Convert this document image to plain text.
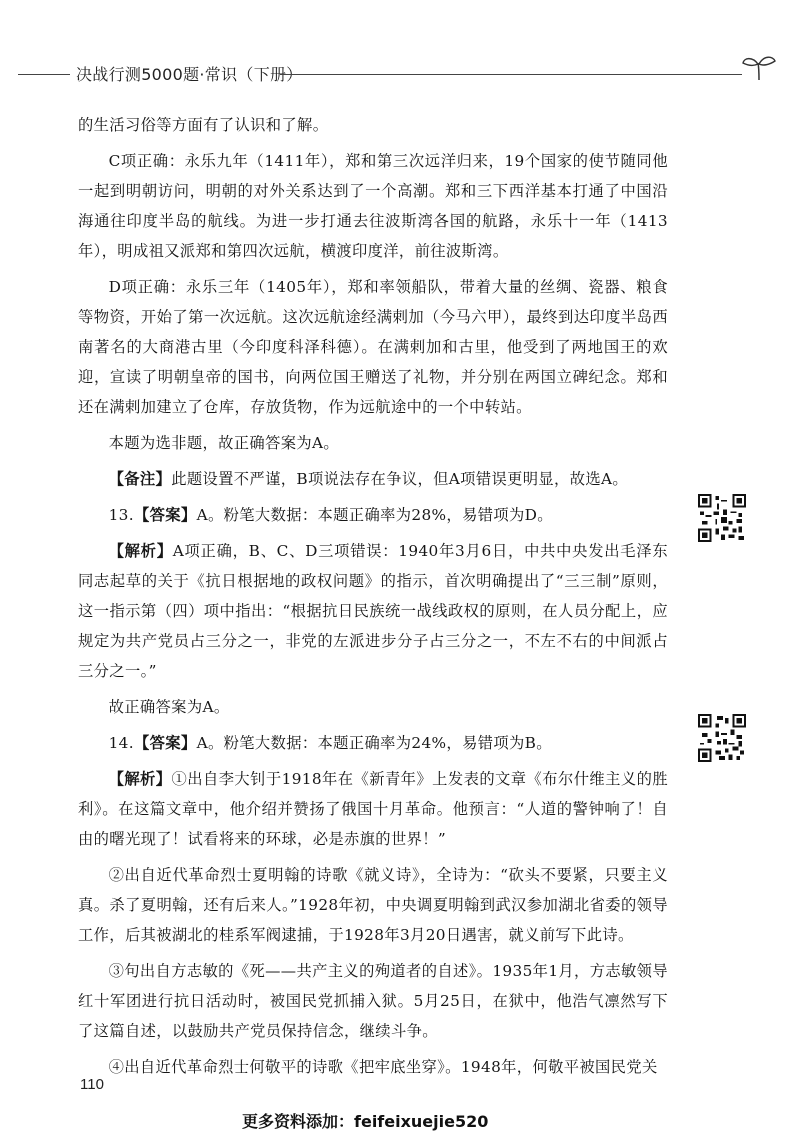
决战行测5000题·常识（下册）

的生活习俗等方面有了认识和了解。

C项正确：永乐九年（1411年），郑和第三次远洋归来，19个国家的使节随同他一起到明朝访问，明朝的对外关系达到了一个高潮。郑和三下西洋基本打通了中国沿海通往印度半岛的航线。为进一步打通去往波斯湾各国的航路，永乐十一年（1413年），明成祖又派郑和第四次远航，横渡印度洋，前往波斯湾。

D项正确：永乐三年（1405年），郑和率领船队，带着大量的丝绸、瓷器、粮食等物资，开始了第一次远航。这次远航途经满剌加（今马六甲），最终到达印度半岛西南著名的大商港古里（今印度科泽科德）。在满剌加和古里，他受到了两地国王的欢迎，宣读了明朝皇帝的国书，向两位国王赠送了礼物，并分别在两国立碑纪念。郑和还在满剌加建立了仓库，存放货物，作为远航途中的一个中转站。

本题为选非题，故正确答案为A。

【备注】此题设置不严谨，B项说法存在争议，但A项错误更明显，故选A。

13.【答案】A。粉笔大数据：本题正确率为28%，易错项为D。

【解析】A项正确，B、C、D三项错误：1940年3月6日，中共中央发出毛泽东同志起草的关于《抗日根据地的政权问题》的指示，首次明确提出了“三三制”原则，这一指示第（四）项中指出：“根据抗日民族统一战线政权的原则，在人员分配上，应规定为共产党员占三分之一，非党的左派进步分子占三分之一，不左不右的中间派占三分之一。”

故正确答案为A。

14.【答案】A。粉笔大数据：本题正确率为24%，易错项为B。

【解析】①出自李大钊于1918年在《新青年》上发表的文章《布尔什维主义的胜利》。在这篇文章中，他介绍并赞扬了俄国十月革命。他预言：“人道的警钟响了！自由的曙光现了！试看将来的环球，必是赤旗的世界！”

②出自近代革命烈士夏明翰的诗歌《就义诗》，全诗为：“砍头不要紧，只要主义真。杀了夏明翰，还有后来人。”1928年初，中央调夏明翰到武汉参加湖北省委的领导工作，后其被湖北的桂系军阀逮捕，于1928年3月20日遇害，就义前写下此诗。

③句出自方志敏的《死——共产主义的殉道者的自述》。1935年1月，方志敏领导红十军团进行抗日活动时，被国民党抓捕入狱。5月25日，在狱中，他浩气凛然写下了这篇自述，以鼓励共产党员保持信念，继续斗争。

④出自近代革命烈士何敬平的诗歌《把牢底坐穿》。1948年，何敬平被国民党关

110
更多资料添加：feifeixuejie520
